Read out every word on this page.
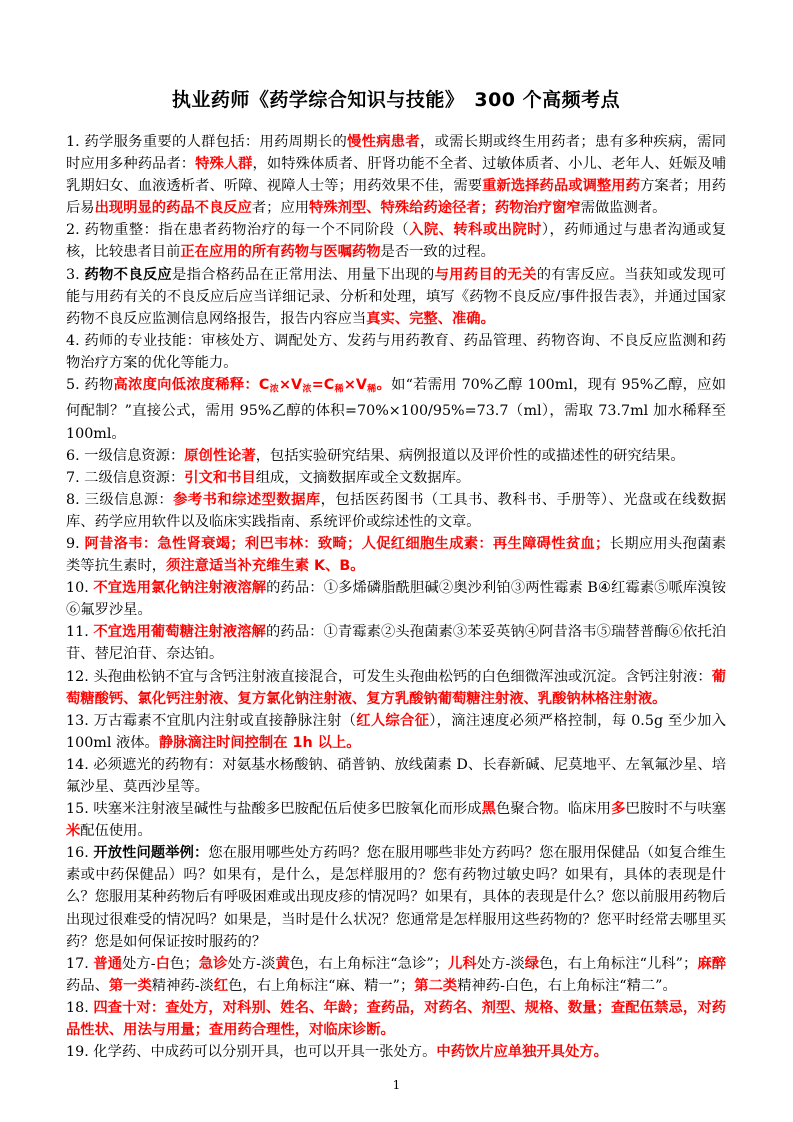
执业药师《药学综合知识与技能》　300 个高频考点

1. 药学服务重要的人群包括：用药周期长的慢性病患者，或需长期或终生用药者；患有多种疾病，需同时应用多种药品者：特殊人群，如特殊体质者、肝肾功能不全者、过敏体质者、小儿、老年人、妊娠及哺乳期妇女、血液透析者、听障、视障人士等；用药效果不佳，需要重新选择药品或调整用药方案者；用药后易出现明显的药品不良反应者；应用特殊剂型、特殊给药途径者；药物治疗窗窄需做监测者。

2. 药物重整：指在患者药物治疗的每一个不同阶段（入院、转科或出院时），药师通过与患者沟通或复核，比较患者目前正在应用的所有药物与医嘱药物是否一致的过程。

3. 药物不良反应是指合格药品在正常用法、用量下出现的与用药目的无关的有害反应。当获知或发现可能与用药有关的不良反应后应当详细记录、分析和处理，填写《药物不良反应/事件报告表》，并通过国家药物不良反应监测信息网络报告，报告内容应当真实、完整、准确。

4. 药师的专业技能：审核处方、调配处方、发药与用药教育、药品管理、药物咨询、不良反应监测和药物治疗方案的优化等能力。

5. 药物高浓度向低浓度稀释：C浓×V浓=C稀×V稀。如“若需用 70%乙醇 100ml，现有 95%乙醇，应如何配制？”直接公式，需用 95%乙醇的体积=70%×100/95%=73.7（ml），需取 73.7ml 加水稀释至 100ml。

6. 一级信息资源：原创性论著，包括实验研究结果、病例报道以及评价性的或描述性的研究结果。

7. 二级信息资源：引文和书目组成，文摘数据库或全文数据库。

8. 三级信息源：参考书和综述型数据库，包括医药图书（工具书、教科书、手册等）、光盘或在线数据库、药学应用软件以及临床实践指南、系统评价或综述性的文章。

9. 阿昔洛韦：急性肾衰竭；利巴韦林：致畸；人促红细胞生成素：再生障碍性贫血；长期应用头孢菌素类等抗生素时，须注意适当补充维生素 K、B。

10. 不宜选用氯化钠注射液溶解的药品：①多烯磷脂酰胆碱②奥沙利铂③两性霉素 B④红霉素⑤哌库溴铵⑥氟罗沙星。

11. 不宜选用葡萄糖注射液溶解的药品：①青霉素②头孢菌素③苯妥英钠④阿昔洛韦⑤瑞替普酶⑥依托泊苷、替尼泊苷、奈达铂。

12. 头孢曲松钠不宜与含钙注射液直接混合，可发生头孢曲松钙的白色细微浑浊或沉淀。含钙注射液：葡萄糖酸钙、氯化钙注射液、复方氯化钠注射液、复方乳酸钠葡萄糖注射液、乳酸钠林格注射液。

13. 万古霉素不宜肌内注射或直接静脉注射（红人综合征），滴注速度必须严格控制，每 0.5g 至少加入 100ml 液体。静脉滴注时间控制在 1h 以上。

14. 必须遮光的药物有：对氨基水杨酸钠、硝普钠、放线菌素 D、长春新碱、尼莫地平、左氧氟沙星、培氟沙星、莫西沙星等。

15. 呋塞米注射液呈碱性与盐酸多巴胺配伍后使多巴胺氧化而形成黑色聚合物。临床用多巴胺时不与呋塞米配伍使用。

16. 开放性问题举例：您在服用哪些处方药吗？您在服用哪些非处方药吗？您在服用保健品（如复合维生素或中药保健品）吗？如果有，是什么，是怎样服用的？您有药物过敏史吗？如果有，具体的表现是什么？您服用某种药物后有呼吸困难或出现皮疹的情况吗？如果有，具体的表现是什么？您以前服用药物后出现过很难受的情况吗？如果是，当时是什么状况？您通常是怎样服用这些药物的？您平时经常去哪里买药？您是如何保证按时服药的？

17. 普通处方-白色；急诊处方-淡黄色，右上角标注“急诊”；儿科处方-淡绿色，右上角标注“儿科”；麻醉药品、第一类精神药-淡红色，右上角标注“麻、精一”；第二类精神药-白色，右上角标注“精二”。

18. 四查十对：查处方，对科别、姓名、年龄；查药品，对药名、剂型、规格、数量；查配伍禁忌，对药品性状、用法与用量；查用药合理性，对临床诊断。

19. 化学药、中成药可以分别开具，也可以开具一张处方。中药饮片应单独开具处方。

1
